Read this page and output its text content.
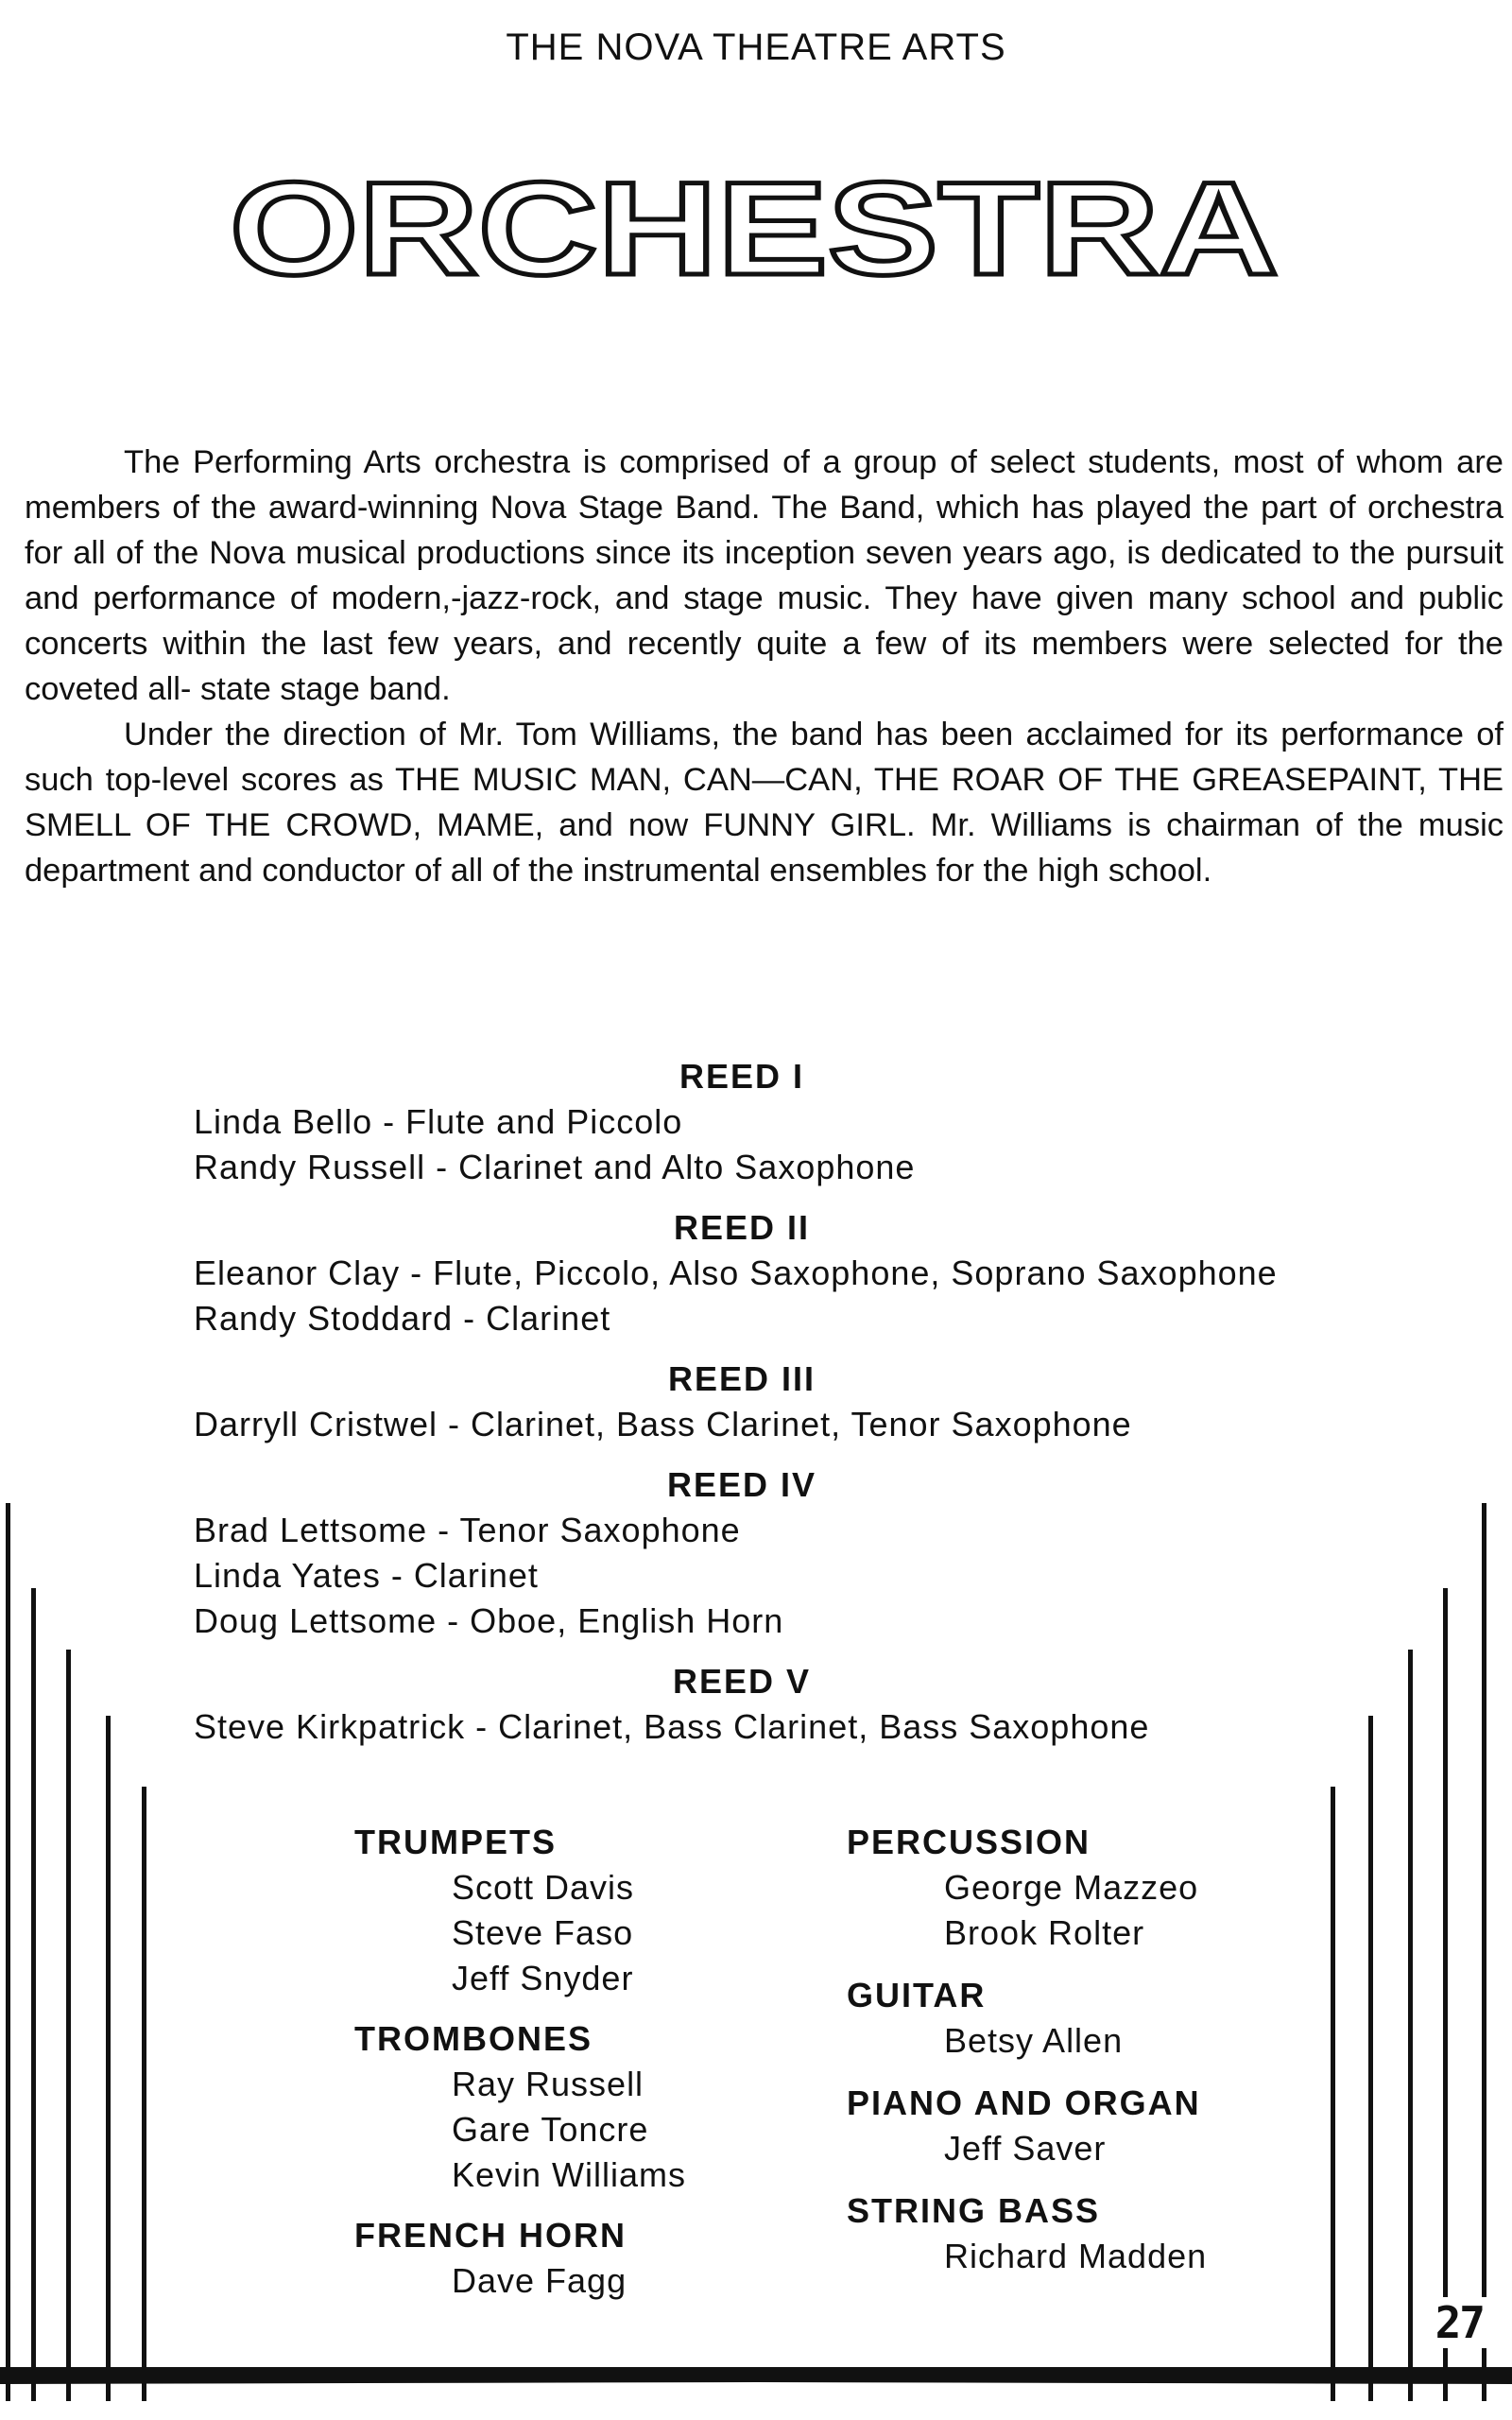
THE NOVA THEATRE ARTS
ORCHESTRA

The Performing Arts orchestra is comprised of a group of select students, most of whom are members of the award-winning Nova Stage Band. The Band, which has played the part of orchestra for all of the Nova musical productions since its inception seven years ago, is dedicated to the pursuit and performance of modern,-jazz-rock, and stage music. They have given many school and public concerts within the last few years, and recently quite a few of its members were selected for the coveted all- state stage band.

Under the direction of Mr. Tom Williams, the band has been acclaimed for its performance of such top-level scores as THE MUSIC MAN, CAN—CAN, THE ROAR OF THE GREASEPAINT, THE SMELL OF THE CROWD, MAME, and now FUNNY GIRL. Mr. Williams is chairman of the music department and conductor of all of the instrumental ensembles for the high school.

REED I
Linda Bello - Flute and Piccolo
Randy Russell - Clarinet and Alto Saxophone
REED II
Eleanor Clay - Flute, Piccolo, Also Saxophone, Soprano Saxophone
Randy Stoddard - Clarinet
REED III
Darryll Cristwel - Clarinet, Bass Clarinet, Tenor Saxophone
REED IV
Brad Lettsome - Tenor Saxophone
Linda Yates - Clarinet
Doug Lettsome - Oboe, English Horn
REED V
Steve Kirkpatrick - Clarinet, Bass Clarinet, Bass Saxophone
TRUMPETS
Scott Davis
Steve Faso
Jeff Snyder
TROMBONES
Ray Russell
Gare Toncre
Kevin Williams
FRENCH HORN
Dave Fagg
PERCUSSION
George Mazzeo
Brook Rolter
GUITAR
Betsy Allen
PIANO AND ORGAN
Jeff Saver
STRING BASS
Richard Madden
27
